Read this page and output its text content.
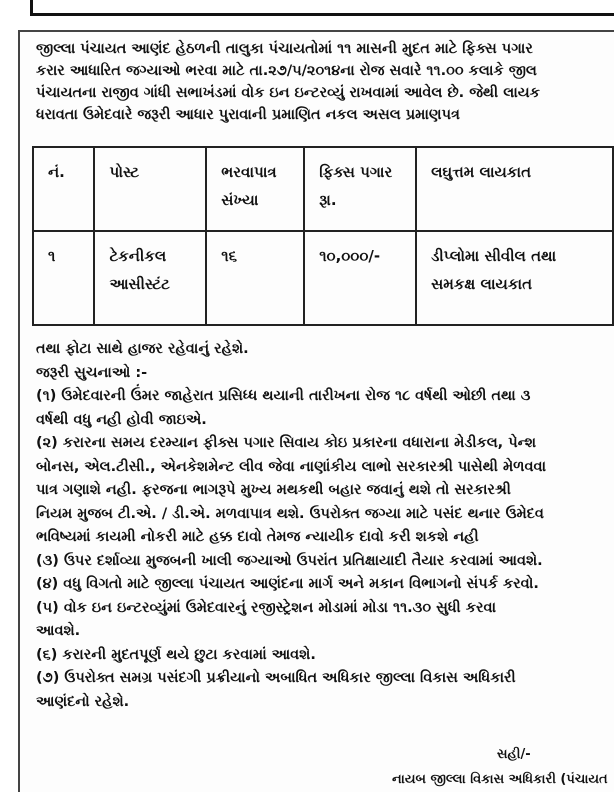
જીલ્લા પંચાયત આણંદ હેઠળની તાલુકા પંચાયતોમાં ૧૧ માસની મુદત માટે ફિક્સ પગાર
કરાર આધારિત જગ્યાઓ ભરવા માટે તા.૨૭/૫/૨૦૧૪ના રોજ સવારે ૧૧.૦૦ કલાકે જીલ
પંચાયતના રાજીવ ગાંધી સભાખંડમાં વોક ઇન ઇન્ટરવ્યું રાખવામાં આવેલ છે. જેથી લાયક
ધરાવતા ઉમેદવારે જરૂરી આધાર પુરાવાની પ્રમાણિત નકલ અસલ પ્રમાણપત્ર
નં.	પોસ્ટ	ભરવાપાત્ર સંખ્યા	ફિક્સ પગાર રૂા.	લઘુત્તમ લાયકાત
૧	ટેકનીકલ આસીસ્ટંટ	૧૬	૧૦,૦૦૦/-	ડીપ્લોમા સીવીલ તથા સમકક્ષ લાયકાત
તથા ફોટા સાથે હાજર રહેવાનું રહેશે.
જરૂરી સુચનાઓ :-
(૧) ઉમેદવારની ઉંમર જાહેરાત પ્રસિધ્ધ થયાની તારીખના રોજ ૧૮ વર્ષથી ઓછી તથા ૩
વર્ષથી વધુ નહી હોવી જાઇએ.
(૨) કરારના સમય દરમ્યાન ફીક્સ પગાર સિવાય કોઇ પ્રકારના વધારાના મેડીકલ, પેન્શ
બોનસ, એલ.ટીસી., એનકેશમેન્ટ લીવ જેવા નાણાંકીય લાભો સરકારશ્રી પાસેથી મેળવવા
પાત્ર ગણાશે નહી. ફરજના ભાગરૂપે મુખ્ય મથકથી બહાર જવાનું થશે તો સરકારશ્રી
નિયમ મુજબ ટી.એ. / ડી.એ. મળવાપાત્ર થશે. ઉપરોક્ત જગ્યા માટે પસંદ થનાર ઉમેદવ
ભવિષ્યમાં કાયમી નોકરી માટે હક્ક દાવો તેમજ ન્યાયીક દાવો કરી શકશે નહી
(૩) ઉપર દર્શાવ્યા મુજબની ખાલી જગ્યાઓ ઉપરાંત પ્રતિક્ષાયાદી તૈયાર કરવામાં આવશે.
(૪) વધુ વિગતો માટે જીલ્લા પંચાયત આણંદના માર્ગ અને મકાન વિભાગનો સંપર્ક કરવો.
(૫) વોક ઇન ઇન્ટરવ્યુંમાં ઉમેદવારનું રજીસ્ટ્રેશન મોડામાં મોડા ૧૧.૩૦ સુધી કરવા
આવશે.
(૬) કરારની મુદતપૂર્ણ થયે છુટા કરવામાં આવશે.
(૭) ઉપરોક્ત સમગ્ર પસંદગી પ્રક્રીયાનો અબાધિત અધિકાર જીલ્લા વિકાસ અધિકારી
આણંદનો રહેશે.
સહી/-
નાયબ જીલ્લા વિકાસ અધિકારી (પંચાયત
